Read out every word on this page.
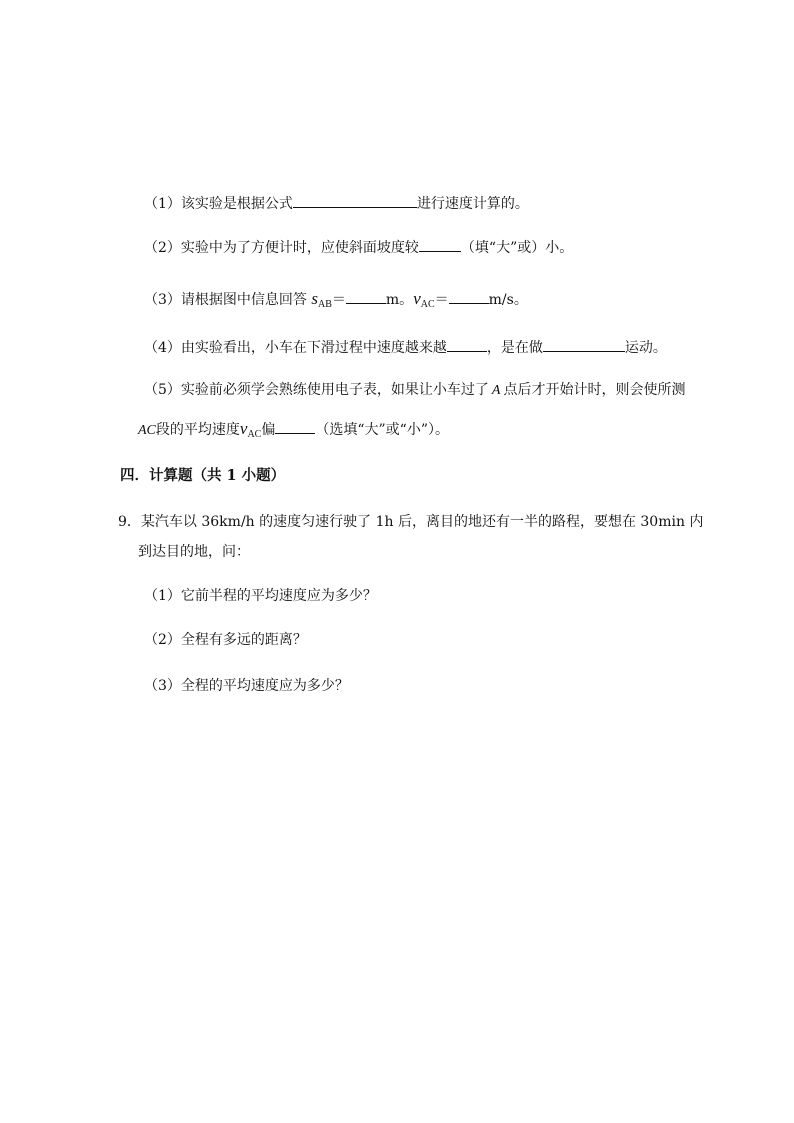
（1）该实验是根据公式	进行速度计算的。
（2）实验中为了方便计时，应使斜面坡度较	（填“大”或）小。
（3）请根据图中信息回答 $s_{AB}=$	m。$v_{AC}=$	m/s。
（4）由实验看出，小车在下滑过程中速度越来越	，是在做	运动。
（5）实验前必须学会熟练使用电子表，如果让小车过了 A 点后才开始计时，则会使所测
AC段的平均速度$v_{AC}$偏	（选填“大”或“小”）。
四．计算题（共 1 小题）
9．某汽车以 36km/h 的速度匀速行驶了 1h 后，离目的地还有一半的路程，要想在 30min 内
到达目的地，问：
（1）它前半程的平均速度应为多少？
（2）全程有多远的距离？
（3）全程的平均速度应为多少？
